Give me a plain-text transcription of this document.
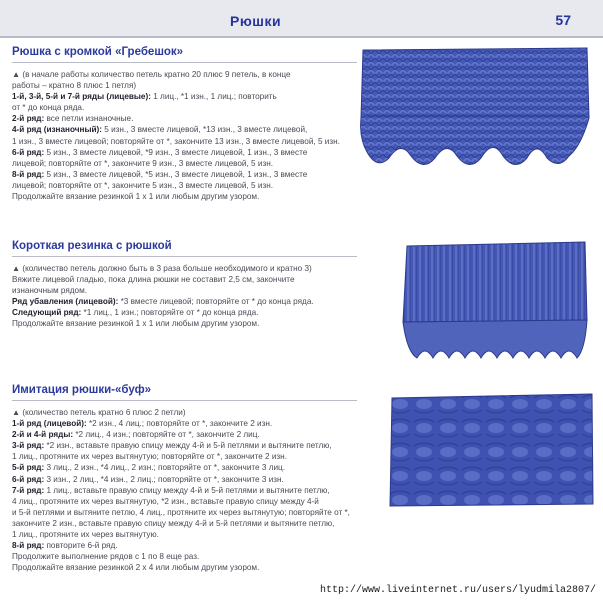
Рюшки	57
Рюшка с кромкой «Гребешок»
▲ (в начале работы количество петель кратно 20 плюс 9 петель, в конце
работы – кратно 8 плюс 1 петля)
1-й, 3-й, 5-й и 7-й ряды (лицевые): 1 лиц., *1 изн., 1 лиц.; повторить
от * до конца ряда.
2-й ряд: все петли изнаночные.
4-й ряд (изнаночный): 5 изн., 3 вместе лицевой, *13 изн., 3 вместе лицевой,
1 изн., 3 вместе лицевой; повторяйте от *, закончите 13 изн., 3 вместе лицевой, 5 изн.
6-й ряд: 5 изн., 3 вместе лицевой, *9 изн., 3 вместе лицевой, 1 изн., 3 вместе
лицевой; повторяйте от *, закончите 9 изн., 3 вместе лицевой, 5 изн.
8-й ряд: 5 изн., 3 вместе лицевой, *5 изн., 3 вместе лицевой, 1 изн., 3 вместе
лицевой; повторяйте от *, закончите 5 изн., 3 вместе лицевой, 5 изн.
Продолжайте вязание резинкой 1 х 1 или любым другим узором.
Короткая резинка с рюшкой
▲ (количество петель должно быть в 3 раза больше необходимого и кратно 3)
Вяжите лицевой гладью, пока длина рюшки не составит 2,5 см, закончите
изнаночным рядом.
Ряд убавления (лицевой): *3 вместе лицевой; повторяйте от * до конца ряда.
Следующий ряд: *1 лиц., 1 изн.; повторяйте от * до конца ряда.
Продолжайте вязание резинкой 1 х 1 или любым другим узором.
Имитация рюшки-«буф»
▲ (количество петель кратно 6 плюс 2 петли)
1-й ряд (лицевой): *2 изн., 4 лиц.; повторяйте от *, закончите 2 изн.
2-й и 4-й ряды: *2 лиц., 4 изн.; повторяйте от *, закончите 2 лиц.
3-й ряд: *2 изн., вставьте правую спицу между 4-й и 5-й петлями и вытяните петлю,
1 лиц., протяните их через вытянутую; повторяйте от *, закончите 2 изн.
5-й ряд: 3 лиц., 2 изн., *4 лиц., 2 изн.; повторяйте от *, закончите 3 лиц.
6-й ряд: 3 изн., 2 лиц., *4 изн., 2 лиц.; повторяйте от *, закончите 3 изн.
7-й ряд: 1 лиц., вставьте правую спицу между 4-й и 5-й петлями и вытяните петлю,
4 лиц., протяните их через вытянутую, *2 изн., вставьте правую спицу между 4-й
и 5-й петлями и вытяните петлю, 4 лиц., протяните их через вытянутую; повторяйте от *,
закончите 2 изн., вставьте правую спицу между 4-й и 5-й петлями и вытяните петлю,
1 лиц., протяните их через вытянутую.
8-й ряд: повторите 6-й ряд.
Продолжите выполнение рядов с 1 по 8 еще раз.
Продолжайте вязание резинкой 2 х 4 или любым другим узором.
http://www.liveinternet.ru/users/lyudmila2807/
